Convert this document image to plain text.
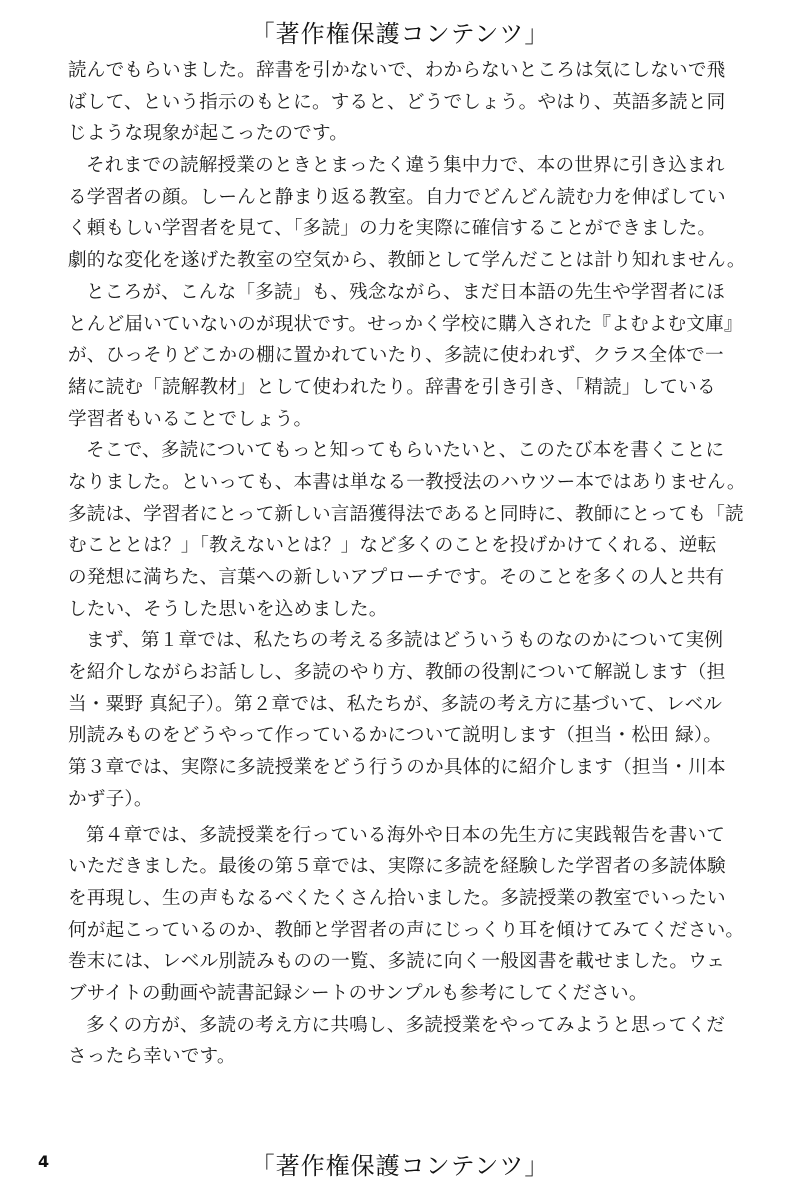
「著作権保護コンテンツ」
読んでもらいました。辞書を引かないで、わからないところは気にしないで飛
ばして、という指示のもとに。すると、どうでしょう。やはり、英語多読と同
じような現象が起こったのです。
それまでの読解授業のときとまったく違う集中力で、本の世界に引き込まれ
る学習者の顔。しーんと静まり返る教室。自力でどんどん読む力を伸ばしてい
く頼もしい学習者を見て、「多読」の力を実際に確信することができました。
劇的な変化を遂げた教室の空気から、教師として学んだことは計り知れません。
ところが、こんな「多読」も、残念ながら、まだ日本語の先生や学習者にほ
とんど届いていないのが現状です。せっかく学校に購入された『よむよむ文庫』
が、ひっそりどこかの棚に置かれていたり、多読に使われず、クラス全体で一
緒に読む「読解教材」として使われたり。辞書を引き引き、「精読」している
学習者もいることでしょう。
そこで、多読についてもっと知ってもらいたいと、このたび本を書くことに
なりました。といっても、本書は単なる一教授法のハウツー本ではありません。
多読は、学習者にとって新しい言語獲得法であると同時に、教師にとっても「読
むこととは？」「教えないとは？」など多くのことを投げかけてくれる、逆転
の発想に満ちた、言葉への新しいアプローチです。そのことを多くの人と共有
したい、そうした思いを込めました。
まず、第１章では、私たちの考える多読はどういうものなのかについて実例
を紹介しながらお話しし、多読のやり方、教師の役割について解説します（担
当・粟野 真紀子）。第２章では、私たちが、多読の考え方に基づいて、レベル
別読みものをどうやって作っているかについて説明します（担当・松田 緑）。
第３章では、実際に多読授業をどう行うのか具体的に紹介します（担当・川本
かず子）。
第４章では、多読授業を行っている海外や日本の先生方に実践報告を書いて
いただきました。最後の第５章では、実際に多読を経験した学習者の多読体験
を再現し、生の声もなるべくたくさん拾いました。多読授業の教室でいったい
何が起こっているのか、教師と学習者の声にじっくり耳を傾けてみてください。
巻末には、レベル別読みものの一覧、多読に向く一般図書を載せました。ウェ
ブサイトの動画や読書記録シートのサンプルも参考にしてください。
多くの方が、多読の考え方に共鳴し、多読授業をやってみようと思ってくだ
さったら幸いです。
4	「著作権保護コンテンツ」
